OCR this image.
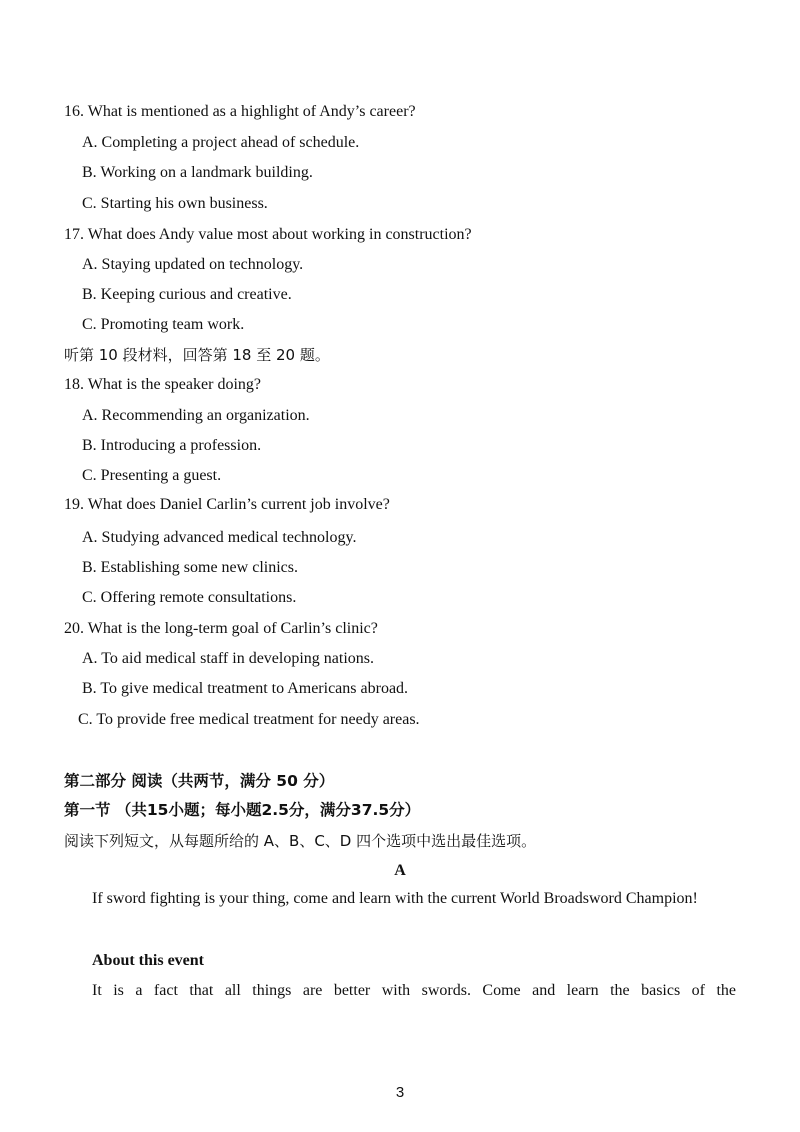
16. What is mentioned as a highlight of Andy’s career?
A. Completing a project ahead of schedule.
B. Working on a landmark building.
C. Starting his own business.
17. What does Andy value most about working in construction?
A. Staying updated on technology.
B. Keeping curious and creative.
C. Promoting team work.
听第 10 段材料，回答第 18 至 20 题。
18. What is the speaker doing?
A. Recommending an organization.
B. Introducing a profession.
C. Presenting a guest.
19. What does Daniel Carlin’s current job involve?
A. Studying advanced medical technology.
B. Establishing some new clinics.
C. Offering remote consultations.
20. What is the long-term goal of Carlin’s clinic?
A. To aid medical staff in developing nations.
B. To give medical treatment to Americans abroad.
C. To provide free medical treatment for needy areas.
第二部分 阅读（共两节，满分 50 分）
第一节 （共15小题；每小题2.5分，满分37.5分）
阅读下列短文，从每题所给的 A、B、C、D 四个选项中选出最佳选项。
A
If sword fighting is your thing, come and learn with the current World Broadsword Champion!
About this event
It is a fact that all things are better with swords. Come and learn the basics of the
3
